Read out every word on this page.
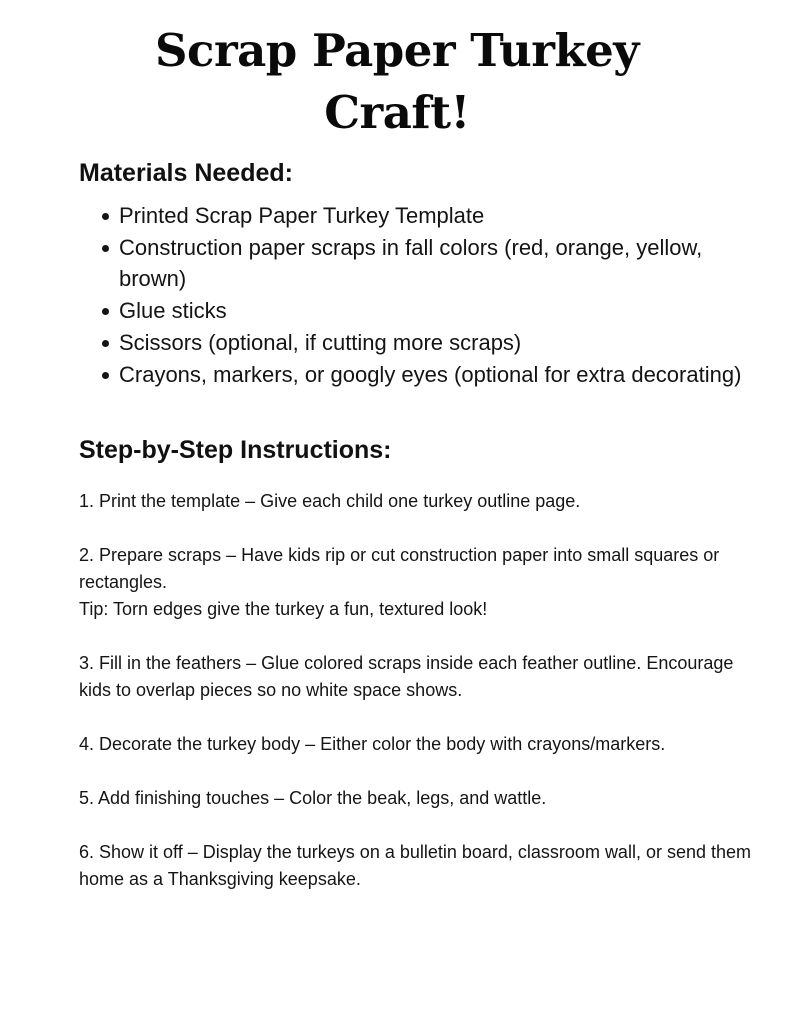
Scrap Paper Turkey
Craft!
Materials Needed:
Printed Scrap Paper Turkey Template
Construction paper scraps in fall colors (red, orange, yellow, brown)
Glue sticks
Scissors (optional, if cutting more scraps)
Crayons, markers, or googly eyes (optional for extra decorating)
Step-by-Step Instructions:

1. Print the template – Give each child one turkey outline page.

2. Prepare scraps – Have kids rip or cut construction paper into small squares or rectangles.

Tip: Torn edges give the turkey a fun, textured look!

3. Fill in the feathers – Glue colored scraps inside each feather outline. Encourage kids to overlap pieces so no white space shows.

4. Decorate the turkey body – Either color the body with crayons/markers.

5. Add finishing touches – Color the beak, legs, and wattle.

6. Show it off – Display the turkeys on a bulletin board, classroom wall, or send them home as a Thanksgiving keepsake.
